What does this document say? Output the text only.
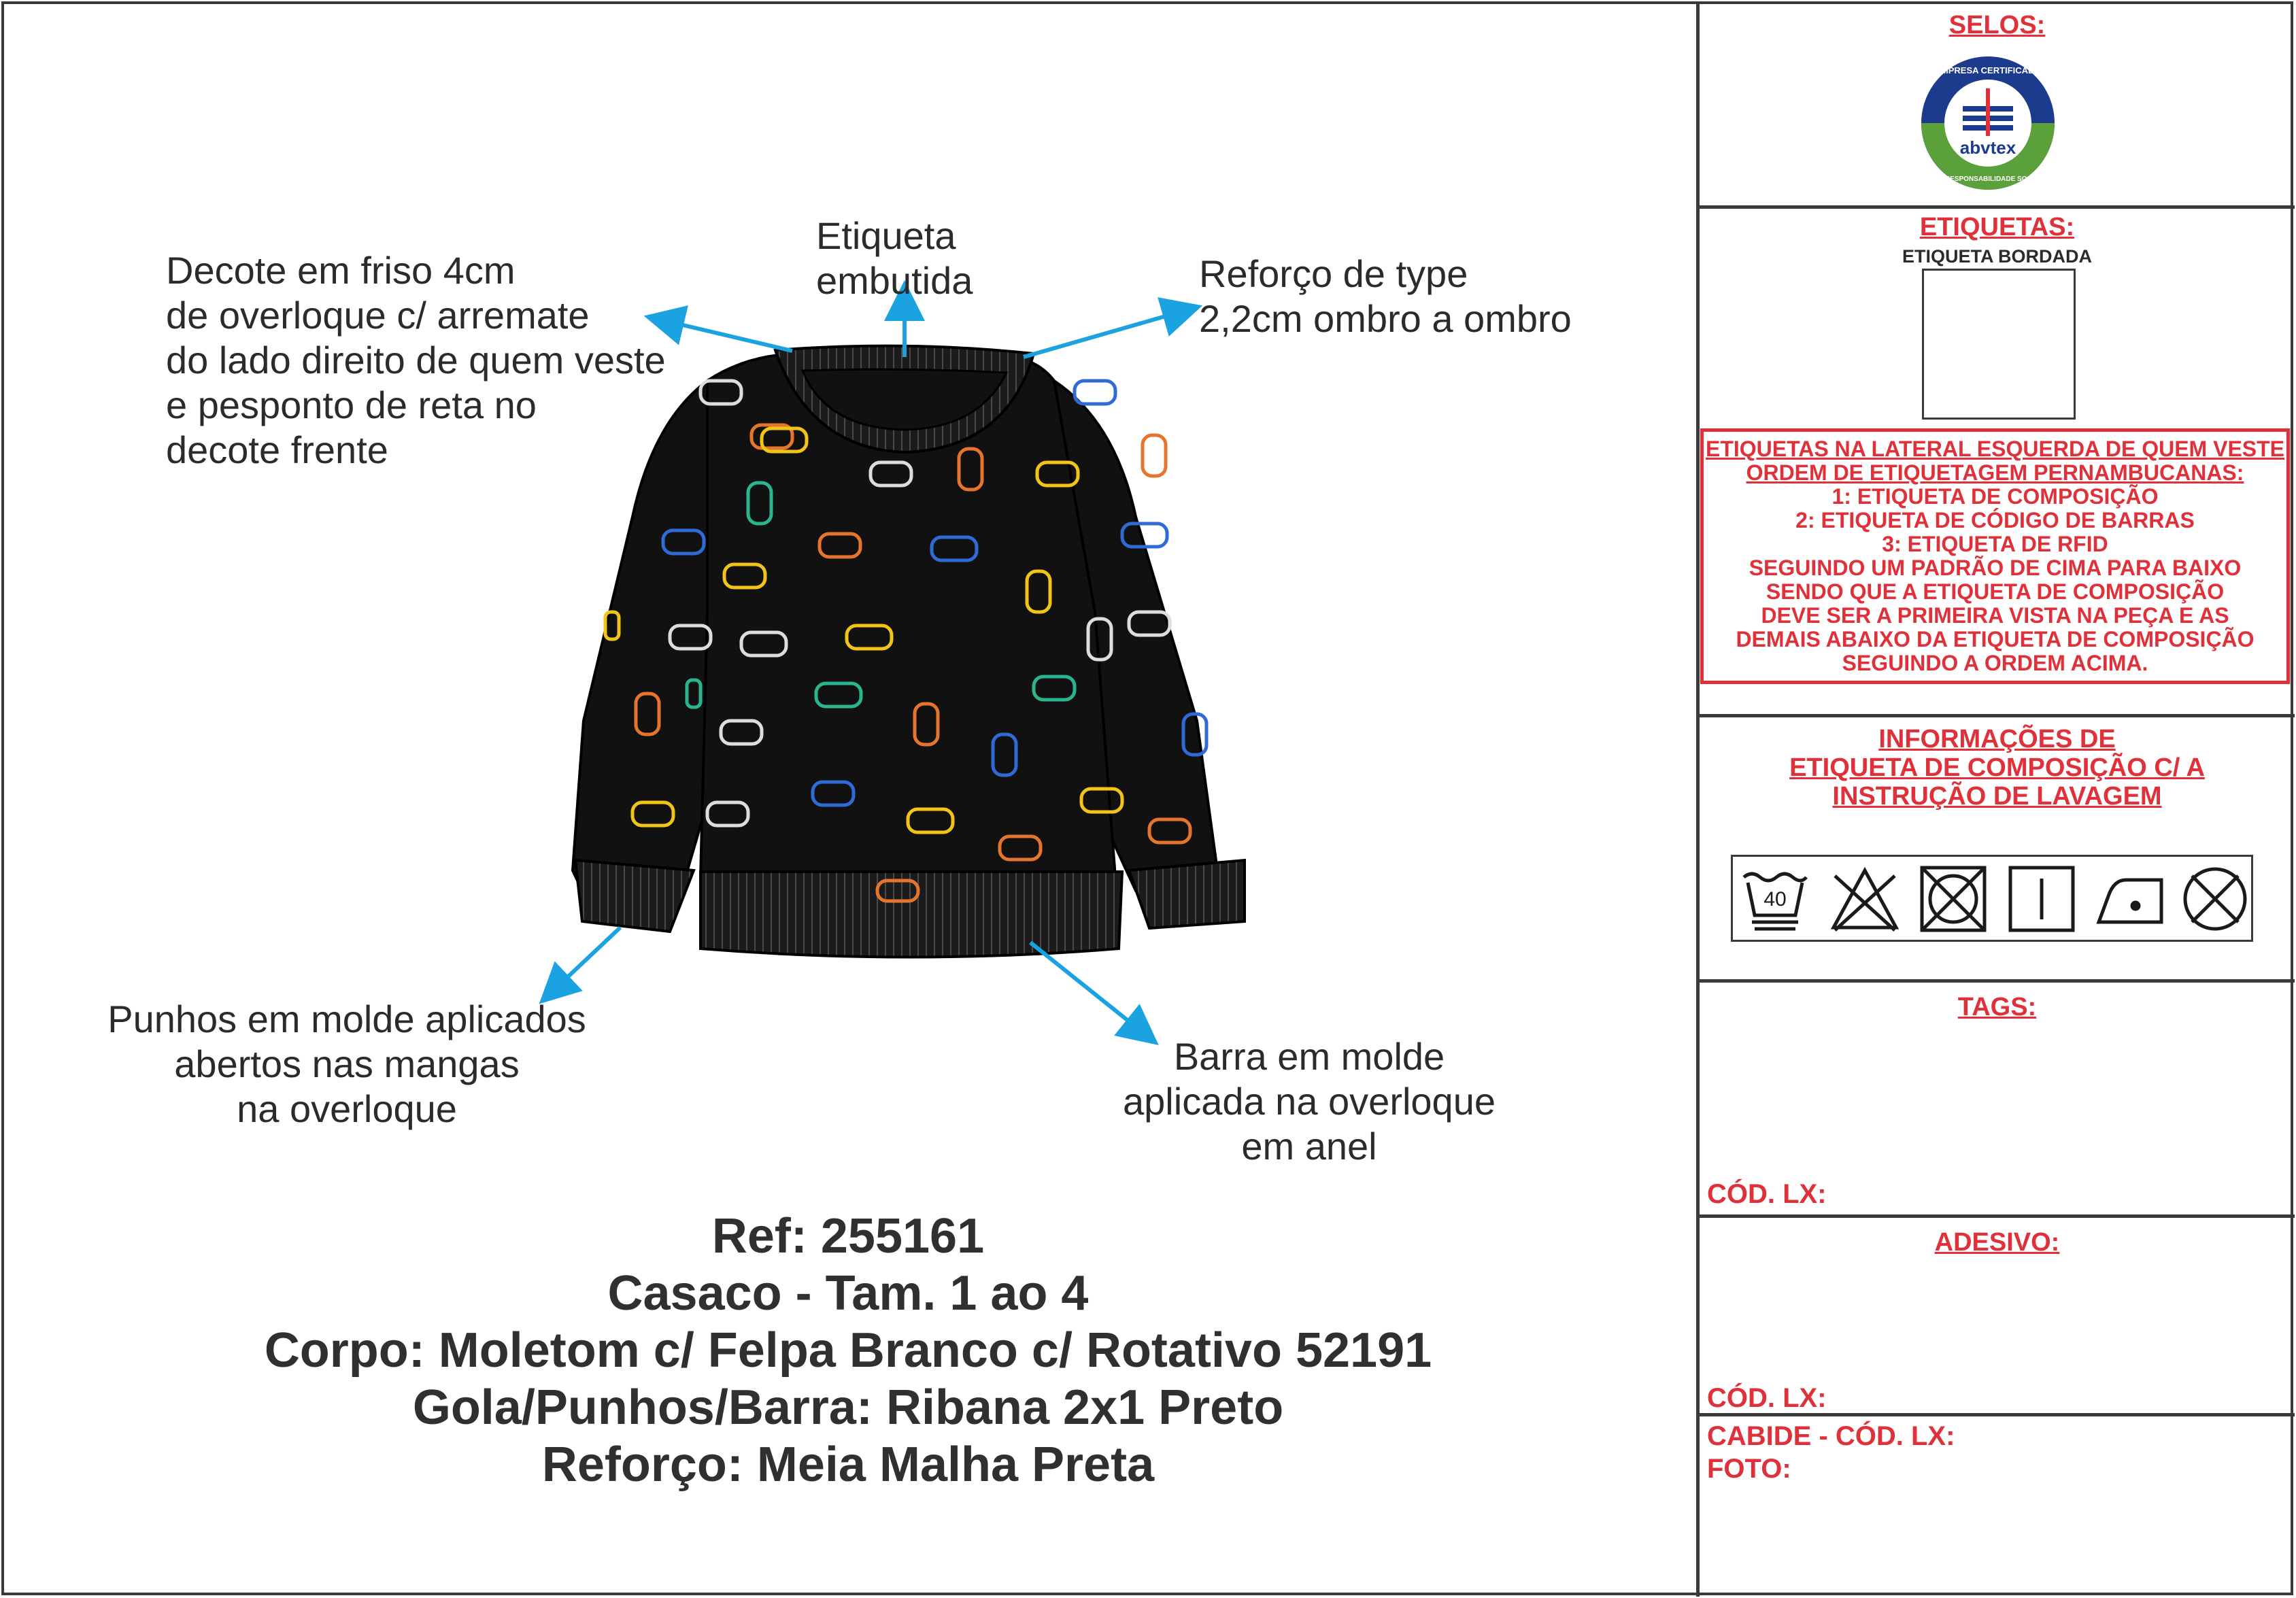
Decote em friso 4cm
de overloque c/ arremate
do lado direito de quem veste
e pesponto de reta no
decote frente
Etiqueta
embutida	Reforço de type
2,2cm ombro a ombro
Punhos em molde aplicados
abertos nas mangas
na overloque
Barra em molde
aplicada na overloque
em anel
Ref: 255161
Casaco - Tam. 1 ao 4
Corpo: Moletom c/ Felpa Branco c/ Rotativo 52191
Gola/Punhos/Barra: Ribana 2x1 Preto
Reforço: Meia Malha Preta
SELOS:
abvtex
EMPRESA CERTIFICADA
EM RESPONSABILIDADE SOCIAL
ETIQUETAS:
ETIQUETA BORDADA
ETIQUETAS NA LATERAL ESQUERDA DE QUEM VESTE
ORDEM DE ETIQUETAGEM PERNAMBUCANAS:
1: ETIQUETA DE COMPOSIÇÃO
2: ETIQUETA DE CÓDIGO DE BARRAS
3: ETIQUETA DE RFID
SEGUINDO UM PADRÃO DE CIMA PARA BAIXO
SENDO QUE A ETIQUETA DE COMPOSIÇÃO
DEVE SER A PRIMEIRA VISTA NA PEÇA E AS
DEMAIS ABAIXO DA ETIQUETA DE COMPOSIÇÃO
SEGUINDO A ORDEM ACIMA.
INFORMAÇÕES DE
ETIQUETA DE COMPOSIÇÃO C/ A
INSTRUÇÃO DE LAVAGEM
40
TAGS:
CÓD. LX:
ADESIVO:
CÓD. LX:
CABIDE - CÓD. LX:
FOTO:
